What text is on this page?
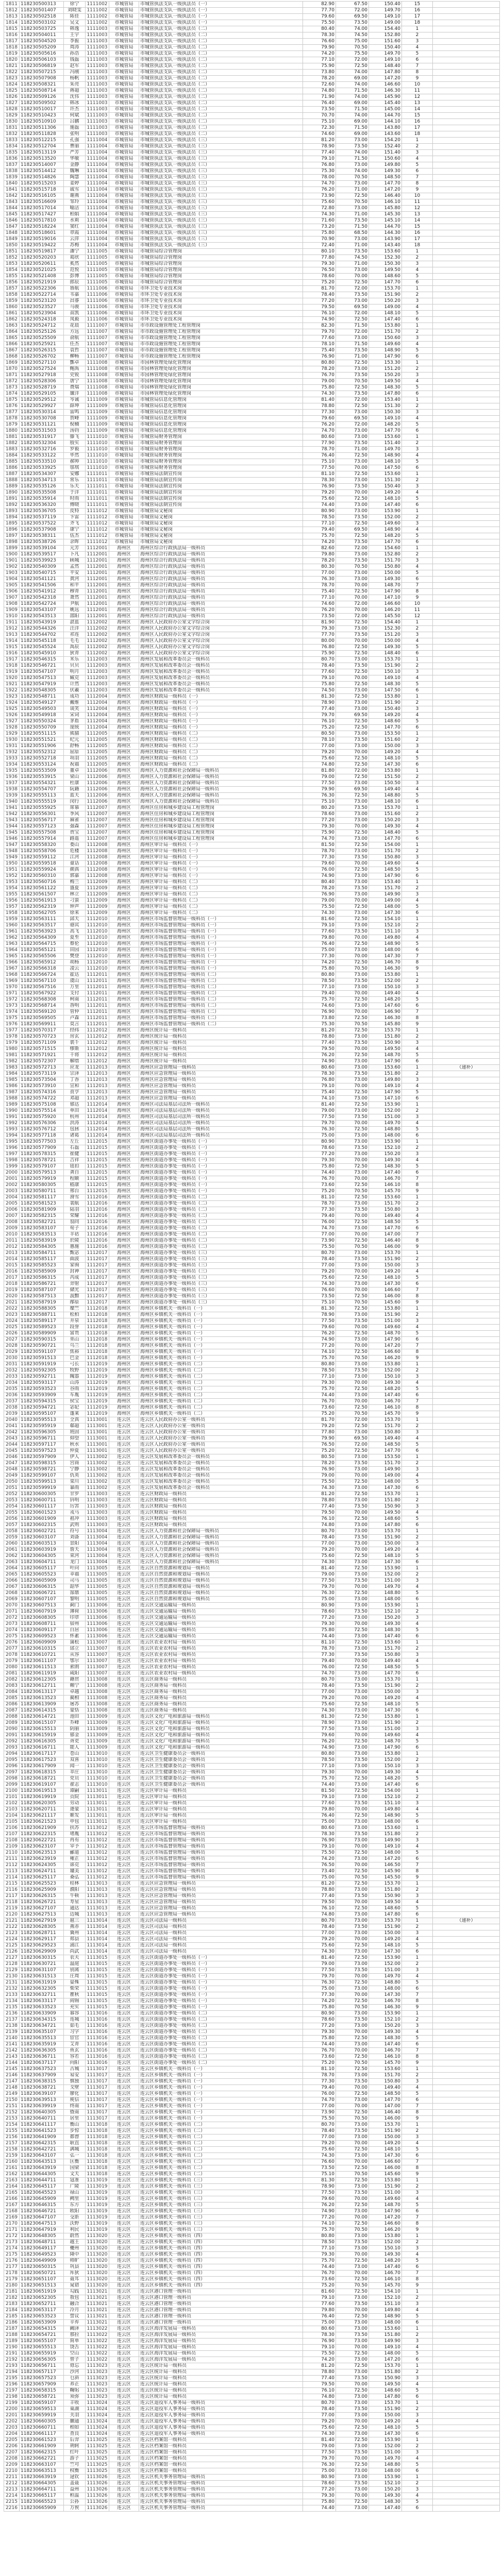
1811	118230500313	徐宁	1111002	市城管局	市城管执法支队一级执法员（一）	82.90	67.50	150.40	15	
1812	118230501407	刘晓雯	1111002	市城管局	市城管执法支队一级执法员（一）	77.70	72.00	149.70	16	
1813	118230502518	陈佳	1111002	市城管局	市城管执法支队一级执法员（一）	79.60	69.50	149.10	17	
1814	118230503102	吴文	1111002	市城管局	市城管执法支队一级执法员（一）	75.50	73.50	149.00	18	
1815	118230503725	韩逸	1111003	市城管局	市城管执法支队一级执法员（二）	80.40	74.00	154.40	1	
1816	118230504011	王宇	1111003	市城管局	市城管执法支队一级执法员（二）	78.30	74.50	152.80	2	
1817	118230504520	李振	1111003	市城管局	市城管执法支队一级执法员（二）	76.60	75.00	151.60	3	
1818	118230505209	周涛	1111003	市城管局	市城管执法支队一级执法员（二）	79.90	70.50	150.40	4	
1819	118230505616	孙浩	1111003	市城管局	市城管执法支队一级执法员（二）	74.20	75.50	149.70	5	
1820	118230506103	钱磊	1111003	市城管局	市城管执法支队一级执法员（二）	77.10	72.00	149.10	6	
1821	118230506819	赵军	1111003	市城管局	市城管执法支队一级执法员（二）	75.90	72.50	148.40	7	
1822	118230507215	冯刚	1111003	市城管局	市城管执法支队一级执法员（二）	73.80	74.00	147.80	8	
1823	118230507908	杨帆	1111003	市城管局	市城管执法支队一级执法员（二）	78.20	69.00	147.20	9	
1824	118230508321	朱亮	1111003	市城管局	市城管执法支队一级执法员（二）	72.60	74.00	146.60	10	
1825	118230508714	蒋超	1111003	市城管局	市城管执法支队一级执法员（二）	74.80	71.50	146.30	11	
1826	118230509126	沈伟	1111003	市城管局	市城管执法支队一级执法员（二）	71.90	74.00	145.90	12	
1827	118230509502	韩冰	1111003	市城管局	市城管执法支队一级执法员（二）	76.40	69.00	145.40	13	
1828	118230510017	许杰	1111003	市城管局	市城管执法支队一级执法员（二）	73.50	71.50	145.00	14	
1829	118230510423	何斌	1111003	市城管局	市城管执法支队一级执法员（二）	70.70	74.00	144.70	15	
1830	118230510910	吕鹏	1111003	市城管局	市城管执法支队一级执法员（二）	75.10	69.00	144.10	16	
1831	118230511306	施磊	1111003	市城管局	市城管执法支队一级执法员（二）	72.30	71.50	143.80	17	
1832	118230511828	张明	1111003	市城管局	市城管执法支队一级执法员（二）	74.60	69.00	143.60	18	
1833	118230512215	孔强	1111004	市城管局	市城管执法支队一级执法员（三）	81.20	73.00	154.20	1	
1834	118230512704	曹丽	1111004	市城管局	市城管执法支队一级执法员（三）	78.90	73.50	152.40	2	
1835	118230513119	严芳	1111004	市城管局	市城管执法支队一级执法员（三）	77.40	74.00	151.40	3	
1836	118230513520	华敏	1111004	市城管局	市城管执法支队一级执法员（三）	79.10	71.50	150.60	4	
1837	118230514007	金静	1111004	市城管局	市城管执法支队一级执法员（三）	76.80	73.00	149.80	5	
1838	118230514412	魏琳	1111004	市城管局	市城管执法支队一级执法员（三）	75.30	74.00	149.30	6	
1839	118230514826	陶慧	1111004	市城管局	市城管执法支队一级执法员（三）	78.00	70.50	148.50	7	
1840	118230515203	姜婷	1111004	市城管局	市城管执法支队一级执法员（三）	74.70	73.00	147.70	8	
1841	118230515718	戚雪	1111004	市城管局	市城管执法支队一级执法员（三）	76.20	71.00	147.20	9	
1842	118230516105	谢燕	1111004	市城管局	市城管执法支队一级执法员（三）	73.90	72.50	146.40	10	
1843	118230516609	邹玲	1111004	市城管局	市城管执法支队一级执法员（三）	75.60	70.50	146.10	11	
1844	118230517014	喻洁	1111004	市城管局	市城管执法支队一级执法员（三）	72.80	73.00	145.80	12	
1845	118230517427	柏娟	1111004	市城管局	市城管执法支队一级执法员（三）	74.30	71.00	145.30	13	
1846	118230517810	水莉	1111004	市城管局	市城管执法支队一级执法员（三）	71.60	73.50	145.10	14	
1847	118230518224	窦红	1111004	市城管局	市城管执法支队一级执法员（三）	73.20	71.50	144.70	15	
1848	118230518601	章霞	1111004	市城管局	市城管执法支队一级执法员（三）	75.80	68.50	144.30	16	
1849	118230519016	云萍	1111004	市城管局	市城管执法支队一级执法员（三）	70.90	73.00	143.90	17	
1850	118230519422	苏梅	1111004	市城管局	市城管执法支队一级执法员（三）	72.40	71.00	143.40	18	
1851	118230519817	潘宁	1111005	市城管局	市城管局综合管理岗	80.10	73.50	153.60	1	
1852	118230520203	葛欣	1111005	市城管局	市城管局综合管理岗	77.80	74.50	152.30	2	
1853	118230520611	奚然	1111005	市城管局	市城管局综合管理岗	79.30	71.00	150.30	3	
1854	118230521025	范悦	1111005	市城管局	市城管局综合管理岗	76.50	73.00	149.50	4	
1855	118230521408	彭博	1111005	市城管局	市城管局综合管理岗	78.60	70.00	148.60	5	
1856	118230521919	郎辰	1111005	市城管局	市城管局综合管理岗	75.20	72.50	147.70	6	
1857	118230522306	鲁航	1111006	市城管局	市环卫处专业技术岗	81.70	72.00	153.70	1	
1858	118230522714	韦嘉	1111006	市城管局	市环卫处专业技术岗	78.40	73.50	151.90	2	
1859	118230523120	昌睿	1111006	市城管局	市环卫处专业技术岗	77.20	73.00	150.20	3	
1860	118230523527	马骏	1111006	市城管局	市环卫处专业技术岗	79.50	69.50	149.00	4	
1861	118230523904	苗凯	1111006	市城管局	市环卫处专业技术岗	76.10	72.00	148.10	5	
1862	118230524318	凤毅	1111006	市城管局	市环卫处专业技术岗	74.90	72.50	147.40	6	
1863	118230524712	花晨	1111007	市城管局	市市政设施管理处工程管理岗	82.30	71.50	153.80	1	
1864	118230525126	方远	1111007	市城管局	市市政设施管理处工程管理岗	79.70	72.00	151.70	2	
1865	118230525509	俞航	1111007	市城管局	市市政设施管理处工程管理岗	77.60	73.00	150.60	3	
1866	118230525921	任杰	1111007	市城管局	市市政设施管理处工程管理岗	78.10	71.50	149.60	4	
1867	118230526315	袁哲	1111007	市城管局	市市政设施管理处工程管理岗	75.40	73.50	148.90	5	
1868	118230526702	柳畅	1111007	市城管局	市市政设施管理处工程管理岗	76.90	71.00	147.90	6	
1869	118230527110	酆卓	1111008	市城管局	市园林管理处绿化管理岗	80.80	72.50	153.30	1	
1870	118230527524	鲍禹	1111008	市城管局	市园林管理处绿化管理岗	78.20	73.00	151.20	2	
1871	118230527918	史锐	1111008	市城管局	市园林管理处绿化管理岗	76.70	73.50	150.20	3	
1872	118230528306	唐宁	1111008	市城管局	市园林管理处绿化管理岗	79.00	70.50	149.50	4	
1873	118230528719	费瑞	1111008	市城管局	市园林管理处绿化管理岗	75.80	72.50	148.30	5	
1874	118230529105	廉洋	1111008	市城管局	市园林管理处绿化管理岗	74.30	73.50	147.80	6	
1875	118230529512	岑诚	1111009	市城管局	市城管局信息化管理岗	81.40	72.00	153.40	1	
1876	118230529927	薛坤	1111009	市城管局	市城管局信息化管理岗	78.80	72.50	151.30	2	
1877	118230530314	雷鸣	1111009	市城管局	市城管局信息化管理岗	77.30	73.00	150.30	3	
1878	118230530708	贺峰	1111009	市城管局	市城管局信息化管理岗	79.60	69.50	149.10	4	
1879	118230531121	倪楠	1111009	市城管局	市城管局信息化管理岗	76.20	72.00	148.20	5	
1880	118230531503	汤钧	1111009	市城管局	市城管局信息化管理岗	74.70	73.00	147.70	6	
1881	118230531917	滕飞	1111010	市城管局	市城管局财务管理岗	80.60	73.00	153.60	1	
1882	118230532304	殷实	1111010	市城管局	市城管局财务管理岗	77.90	73.50	151.40	2	
1883	118230532716	罗毅	1111010	市城管局	市城管局财务管理岗	78.70	71.00	149.70	3	
1884	118230533122	毕然	1111010	市城管局	市城管局财务管理岗	76.40	72.50	148.90	4	
1885	118230533510	郝帅	1111010	市城管局	市城管局财务管理岗	75.10	73.00	148.10	5	
1886	118230533925	邬琪	1111010	市城管局	市城管局财务管理岗	77.50	70.00	147.50	6	
1887	118230534307	安娜	1111011	市城管局	市城管局法制宣传岗	81.10	72.50	153.60	1	
1888	118230534713	常乐	1111011	市城管局	市城管局法制宣传岗	78.30	73.00	151.30	2	
1889	118230535126	乐天	1111011	市城管局	市城管局法制宣传岗	76.90	73.50	150.40	3	
1890	118230535508	于洋	1111011	市城管局	市城管局法制宣传岗	79.20	70.00	149.20	4	
1891	118230535914	时雨	1111011	市城管局	市城管局法制宣传岗	75.60	72.50	148.10	5	
1892	118230536320	傅晓	1111011	市城管局	市城管局法制宣传岗	74.40	73.00	147.40	6	
1893	118230536705	皮特	1111012	市城管局	市城管局文秘岗	80.90	73.00	153.90	1	
1894	118230537119	卞雷	1111012	市城管局	市城管局文秘岗	78.50	73.50	152.00	2	
1895	118230537522	齐飞	1111012	市城管局	市城管局文秘岗	77.10	72.50	149.60	3	
1896	118230537908	康宁	1111012	市城管局	市城管局文秘岗	79.40	69.50	148.90	4	
1897	118230538311	伍杰	1111012	市城管局	市城管局文秘岗	75.70	72.50	148.20	5	
1898	118230538726	余晖	1111012	市城管局	市城管局文秘岗	74.20	73.50	147.70	6	
1899	118230539104	元芳	1112001	海州区	海州区综合行政执法局一级科员	82.60	72.00	154.60	1	
1900	118230539517	卜凡	1112001	海州区	海州区综合行政执法局一级科员	79.80	73.00	152.80	2	
1901	118230539923	顾城	1112001	海州区	海州区综合行政执法局一级科员	78.20	73.50	151.70	3	
1902	118230540309	孟然	1112001	海州区	海州区综合行政执法局一级科员	80.30	70.50	150.80	4	
1903	118230540715	平安	1112001	海州区	海州区综合行政执法局一级科员	77.00	73.00	150.00	5	
1904	118230541121	黄河	1112001	海州区	海州区综合行政执法局一级科员	76.30	73.00	149.30	6	
1905	118230541506	和平	1112001	海州区	海州区综合行政执法局一级科员	78.70	70.00	148.70	7	
1906	118230541912	穆青	1112001	海州区	海州区综合行政执法局一级科员	75.40	72.50	147.90	8	
1907	118230542318	萧然	1112001	海州区	海州区综合行政执法局一级科员	77.10	70.00	147.10	9	
1908	118230542724	尹航	1112001	海州区	海州区综合行政执法局一级科员	74.60	72.00	146.60	10	
1909	118230543107	姚远	1112001	海州区	海州区综合行政执法局一级科员	76.20	70.00	146.20	11	
1910	118230543513	邵阳	1112001	海州区	海州区综合行政执法局一级科员	73.50	72.00	145.50	12	
1911	118230543919	湛蓝	1112002	海州区	海州区人民政府办公室文字综合岗	81.90	72.50	154.40	1	
1912	118230544326	汪洋	1112002	海州区	海州区人民政府办公室文字综合岗	79.30	73.00	152.30	2	
1913	118230544702	祁连	1112002	海州区	海州区人民政府办公室文字综合岗	77.70	73.50	151.20	3	
1914	118230545118	毛毛	1112002	海州区	海州区人民政府办公室文字综合岗	80.00	70.00	150.00	4	
1915	118230545524	禹辰	1112002	海州区	海州区人民政府办公室文字综合岗	76.80	72.50	149.30	5	
1916	118230545910	狄青	1112002	海州区	海州区人民政府办公室文字综合岗	75.90	72.50	148.40	6	
1917	118230546315	米乐	1112003	海州区	海州区发展和改革委员会一级科员	80.70	73.00	153.70	1	
1918	118230546721	贝贝	1112003	海州区	海州区发展和改革委员会一级科员	78.40	73.50	151.90	2	
1919	118230547107	明月	1112003	海州区	海州区发展和改革委员会一级科员	77.60	72.50	150.10	3	
1920	118230547513	臧克	1112003	海州区	海州区发展和改革委员会一级科员	79.10	70.00	149.10	4	
1921	118230547919	计然	1112003	海州区	海州区发展和改革委员会一级科员	75.80	72.50	148.30	5	
1922	118230548305	伏羲	1112003	海州区	海州区发展和改革委员会一级科员	74.50	73.00	147.50	6	
1923	118230548711	成功	1112004	海州区	海州区财政局一级科员（一）	81.30	72.50	153.80	1	
1924	118230549127	戴维	1112004	海州区	海州区财政局一级科员（一）	78.90	73.00	151.90	2	
1925	118230549503	谈笑	1112004	海州区	海州区财政局一级科员（一）	77.40	73.00	150.40	3	
1926	118230549918	宋词	1112004	海州区	海州区财政局一级科员（一）	79.70	69.50	149.20	4	
1927	118230550324	茅盾	1112004	海州区	海州区财政局一级科员（一）	76.10	72.50	148.60	5	
1928	118230550709	庞统	1112004	海州区	海州区财政局一级科员（一）	75.20	72.50	147.70	6	
1929	118230551115	熊猫	1112005	海州区	海州区财政局一级科员（二）	80.50	73.00	153.50	1	
1930	118230551521	纪元	1112005	海州区	海州区财政局一级科员（二）	78.10	73.50	151.60	2	
1931	118230551906	舒畅	1112005	海州区	海州区财政局一级科员（二）	77.00	73.00	150.00	3	
1932	118230552312	屈原	1112005	海州区	海州区财政局一级科员（二）	79.20	70.00	149.20	4	
1933	118230552718	项羽	1112005	海州区	海州区财政局一级科员（二）	75.60	72.50	148.10	5	
1934	118230553124	祝福	1112005	海州区	海州区财政局一级科员（二）	74.80	72.50	147.30	6	
1935	118230553509	董卓	1112006	海州区	海州区人力资源和社会保障局一级科员	81.80	72.00	153.80	1	
1936	118230553915	梁山	1112006	海州区	海州区人力资源和社会保障局一级科员	79.00	72.50	151.50	2	
1937	118230554321	杜康	1112006	海州区	海州区人力资源和社会保障局一级科员	77.50	73.00	150.50	3	
1938	118230554707	阮籍	1112006	海州区	海州区人力资源和社会保障局一级科员	79.90	69.50	149.40	4	
1939	118230555113	蓝天	1112006	海州区	海州区人力资源和社会保障局一级科员	76.30	72.50	148.80	5	
1940	118230555519	闵行	1112006	海州区	海州区人力资源和社会保障局一级科员	75.10	73.00	148.10	6	
1941	118230555925	席慕	1112007	海州区	海州区住房和城乡建设局工程管理岗	80.20	73.50	153.70	1	
1942	118230556301	季风	1112007	海州区	海州区住房和城乡建设局工程管理岗	78.60	73.00	151.60	2	
1943	118230556717	麻雀	1112007	海州区	海州区住房和城乡建设局工程管理岗	77.20	73.00	150.20	3	
1944	118230557123	强森	1112007	海州区	海州区住房和城乡建设局工程管理岗	79.30	70.00	149.30	4	
1945	118230557508	贾宝	1112007	海州区	海州区住房和城乡建设局工程管理岗	75.90	72.50	148.40	5	
1946	118230557914	路遥	1112007	海州区	海州区住房和城乡建设局工程管理岗	74.70	73.00	147.70	6	
1947	118230558320	娄山	1112008	海州区	海州区审计局一级科员（一）	81.50	72.50	154.00	1	
1948	118230558706	危楼	1112008	海州区	海州区审计局一级科员（一）	78.70	73.00	151.70	2	
1949	118230559112	江河	1112008	海州区	海州区审计局一级科员（一）	77.30	73.50	150.80	3	
1950	118230559518	童话	1112008	海州区	海州区审计局一级科员（一）	79.60	70.00	149.60	4	
1951	118230559924	颜真	1112008	海州区	海州区审计局一级科员（一）	76.00	72.50	148.50	5	
1952	118230560310	郭嘉	1112008	海州区	海州区审计局一级科员（一）	74.90	73.00	147.90	6	
1953	118230560716	梅兰	1112009	海州区	海州区审计局一级科员（二）	80.40	73.00	153.40	1	
1954	118230561122	盛夏	1112009	海州区	海州区审计局一级科员（二）	78.20	73.50	151.70	2	
1955	118230561507	林立	1112009	海州区	海州区审计局一级科员（二）	76.90	73.00	149.90	3	
1956	118230561913	刁蛮	1112009	海州区	海州区审计局一级科员（二）	79.00	70.00	149.00	4	
1957	118230562319	钟声	1112009	海州区	海州区审计局一级科员（二）	75.50	72.50	148.00	5	
1958	118230562705	徐来	1112009	海州区	海州区审计局一级科员（二）	74.30	73.00	147.30	6	
1959	118230563111	邱天	1112010	海州区	海州区市场监督管理局一级科员（一）	81.60	72.50	154.10	1	
1960	118230563517	骆宾	1112010	海州区	海州区市场监督管理局一级科员（一）	79.10	73.00	152.10	2	
1961	118230563923	高飞	1112010	海州区	海州区市场监督管理局一级科员（一）	77.60	73.50	151.10	3	
1962	118230564309	夏至	1112010	海州区	海州区市场监督管理局一级科员（一）	79.80	70.00	149.80	4	
1963	118230564715	蔡伦	1112010	海州区	海州区市场监督管理局一级科员（一）	76.40	72.50	148.90	5	
1964	118230565121	田园	1112010	海州区	海州区市场监督管理局一级科员（一）	75.00	73.00	148.00	6	
1965	118230565506	樊登	1112010	海州区	海州区市场监督管理局一级科员（一）	77.30	70.00	147.30	7	
1966	118230565912	胡杨	1112010	海州区	海州区市场监督管理局一级科员（一）	74.20	72.50	146.70	8	
1967	118230566318	凌云	1112010	海州区	海州区市场监督管理局一级科员（一）	75.80	70.50	146.30	9	
1968	118230566724	霍达	1112011	海州区	海州区市场监督管理局一级科员（二）	80.80	73.00	153.80	1	
1969	118230567110	虞山	1112011	海州区	海州区市场监督管理局一级科员（二）	78.50	73.50	152.00	2	
1970	118230567516	万里	1112011	海州区	海州区市场监督管理局一级科员（二）	77.10	73.00	150.10	3	
1971	118230567922	支付	1112011	海州区	海州区市场监督管理局一级科员（二）	79.40	70.00	149.40	4	
1972	118230568308	柯南	1112011	海州区	海州区市场监督管理局一级科员（二）	75.70	72.50	148.20	5	
1973	118230568714	昝明	1112011	海州区	海州区市场监督管理局一级科员（二）	74.60	73.00	147.60	6	
1974	118230569120	管仲	1112011	海州区	海州区市场监督管理局一级科员（二）	76.90	70.00	146.90	7	
1975	118230569505	卢森	1112011	海州区	海州区市场监督管理局一级科员（二）	73.80	72.50	146.30	8	
1976	118230569911	莫言	1112011	海州区	海州区市场监督管理局一级科员（二）	75.30	70.50	145.80	9	
1977	118230570317	经纬	1112012	海州区	海州区统计局一级科员	81.20	72.50	153.70	1	
1978	118230570723	房玄	1112012	海州区	海州区统计局一级科员	78.80	73.00	151.80	2	
1979	118230571109	裘千	1112012	海州区	海州区统计局一级科员	77.40	73.50	150.90	3	
1980	118230571515	缪斯	1112012	海州区	海州区统计局一级科员	79.50	70.00	149.50	4	
1981	118230571921	干将	1112012	海州区	海州区统计局一级科员	76.20	72.50	148.70	5	
1982	118230572307	解缙	1112012	海州区	海州区统计局一级科员	74.90	73.00	147.90	6	
1983	118230572713	应龙	1112013	海州区	海州区应急管理局一级科员	80.60	73.00	153.60	1	（递补）
1984	118230573119	宗泽	1112013	海州区	海州区应急管理局一级科员	78.30	73.50	151.80	2	
1985	118230573504	丁香	1112013	海州区	海州区应急管理局一级科员	76.80	73.00	149.80	3	
1986	118230573910	宣和	1112013	海州区	海州区应急管理局一级科员	79.10	70.00	149.10	4	
1987	118230574316	贲亨	1112013	海州区	海州区应急管理局一级科员	75.40	72.50	147.90	5	
1988	118230574722	邓超	1112013	海州区	海州区应急管理局一级科员	74.10	73.00	147.10	6	
1989	118230575108	郁达	1112014	海州区	海州区司法局基层司法所一级科员	81.40	72.50	153.90	1	
1990	118230575514	单田	1112014	海州区	海州区司法局基层司法所一级科员	79.00	73.00	152.00	2	
1991	118230575920	杭州	1112014	海州区	海州区司法局基层司法所一级科员	77.50	73.50	151.00	3	
1992	118230576306	洪涛	1112014	海州区	海州区司法局基层司法所一级科员	79.70	70.00	149.70	4	
1993	118230576712	包拯	1112014	海州区	海州区司法局基层司法所一级科员	76.30	72.50	148.80	5	
1994	118230577118	诸葛	1112014	海州区	海州区司法局基层司法所一级科员	75.00	73.00	148.00	6	
1995	118230577503	左丘	1112015	海州区	海州区街道办事处一级科员（一）	80.90	73.00	153.90	1	
1996	118230577909	石磊	1112015	海州区	海州区街道办事处一级科员（一）	78.60	73.50	152.10	2	
1997	118230578315	崔健	1112015	海州区	海州区街道办事处一级科员（一）	77.20	73.00	150.20	3	
1998	118230578721	吉祥	1112015	海州区	海州区街道办事处一级科员（一）	79.30	70.00	149.30	4	
1999	118230579107	钮扣	1112015	海州区	海州区街道办事处一级科员（一）	75.80	72.50	148.30	5	
2000	118230579513	龚自	1112015	海州区	海州区街道办事处一级科员（一）	74.40	73.00	147.40	6	
2001	118230579919	程颐	1112015	海州区	海州区街道办事处一级科员（一）	76.70	70.00	146.70	7	
2002	118230580305	嵇康	1112015	海州区	海州区街道办事处一级科员（一）	73.60	72.50	146.10	8	
2003	118230580711	邢台	1112015	海州区	海州区街道办事处一级科员（一）	75.20	70.50	145.70	9	
2004	118230581117	滑雪	1112016	海州区	海州区街道办事处一级科员（二）	81.10	72.50	153.60	1	
2005	118230581523	裴航	1112016	海州区	海州区街道办事处一级科员（二）	78.70	73.00	151.70	2	
2006	118230581909	陆羽	1112016	海州区	海州区街道办事处一级科员（二）	77.30	73.50	150.80	3	
2007	118230582315	荣耀	1112016	海州区	海州区街道办事处一级科员（二）	79.40	70.00	149.40	4	
2008	118230582721	翁同	1112016	海州区	海州区街道办事处一级科员（二）	76.00	72.50	148.50	5	
2009	118230583107	荀子	1112016	海州区	海州区街道办事处一级科员（二）	74.70	73.00	147.70	6	
2010	118230583513	羊祜	1112016	海州区	海州区街道办事处一级科员（二）	77.00	70.00	147.00	7	
2011	118230583919	於陵	1112016	海州区	海州区街道办事处一级科员（二）	73.90	72.50	146.40	8	
2012	118230584305	惠施	1112016	海州区	海州区街道办事处一级科员（二）	75.50	70.50	146.00	9	
2013	118230584711	甄宓	1112017	海州区	海州区街道办事处一级科员（三）	80.70	73.00	153.70	1	
2014	118230585117	曲波	1112017	海州区	海州区街道办事处一级科员（三）	78.40	73.50	151.90	2	
2015	118230585523	家驹	1112017	海州区	海州区街道办事处一级科员（三）	77.00	73.00	150.00	3	
2016	118230585909	封神	1112017	海州区	海州区街道办事处一级科员（三）	79.20	70.00	149.20	4	
2017	118230586315	芮成	1112017	海州区	海州区街道办事处一级科员（三）	75.60	72.50	148.10	5	
2018	118230586721	羿射	1112017	海州区	海州区街道办事处一级科员（三）	74.30	73.00	147.30	6	
2019	118230587107	储光	1112017	海州区	海州区街道办事处一级科员（三）	76.60	70.00	146.60	7	
2020	118230587513	汲黯	1112017	海州区	海州区街道办事处一级科员（三）	73.50	72.50	146.00	8	
2021	118230587919	邴原	1112017	海州区	海州区街道办事处一级科员（三）	75.10	70.50	145.60	9	
2022	118230588305	糜竺	1112018	海州区	海州区乡镇机关一级科员（一）	81.30	72.50	153.80	1	
2023	118230588711	松柏	1112018	海州区	海州区乡镇机关一级科员（一）	78.90	73.00	151.90	2	
2024	118230589117	井泉	1112018	海州区	海州区乡镇机关一级科员（一）	77.50	73.50	151.00	3	
2025	118230589523	段誉	1112018	海州区	海州区乡镇机关一级科员（一）	79.60	70.00	149.60	4	
2026	118230589909	富贵	1112018	海州区	海州区乡镇机关一级科员（一）	76.20	72.50	148.70	5	
2027	118230590315	巫山	1112018	海州区	海州区乡镇机关一级科员（一）	74.90	73.00	147.90	6	
2028	118230590721	乌兰	1112018	海州区	海州区乡镇机关一级科员（一）	77.20	70.00	147.20	7	
2029	118230591107	焦裕	1112018	海州区	海州区乡镇机关一级科员（一）	74.10	72.50	146.60	8	
2030	118230591513	巴金	1112018	海州区	海州区乡镇机关一级科员（一）	75.70	70.50	146.20	9	
2031	118230591919	弓长	1112019	海州区	海州区乡镇机关一级科员（二）	80.80	73.00	153.80	1	
2032	118230592305	牧野	1112019	海州区	海州区乡镇机关一级科员（二）	78.50	73.50	152.00	2	
2033	118230592711	隗嚣	1112019	海州区	海州区乡镇机关一级科员（二）	77.10	73.00	150.10	3	
2034	118230593117	山涛	1112019	海州区	海州区乡镇机关一级科员（二）	79.30	70.00	149.30	4	
2035	118230593523	谷雨	1112019	海州区	海州区乡镇机关一级科员（二）	75.70	72.50	148.20	5	
2036	118230593909	车胤	1112019	海州区	海州区乡镇机关一级科员（二）	74.40	73.00	147.40	6	
2037	118230594315	侯宝	1112019	海州区	海州区乡镇机关一级科员（二）	76.70	70.00	146.70	7	
2038	118230594721	宓妃	1112019	海州区	海州区乡镇机关一级科员（二）	73.60	72.50	146.10	8	
2039	118230595107	蓬莱	1112019	海州区	海州区乡镇机关一级科员（二）	75.20	70.50	145.70	9	
2040	118230595513	全真	1113001	连云区	连云区人民政府办公室一级科员	81.70	72.00	153.70	1	
2041	118230595919	郗超	1113001	连云区	连云区人民政府办公室一级科员	79.20	72.50	151.70	2	
2042	118230596305	班固	1113001	连云区	连云区人民政府办公室一级科员	77.80	73.00	150.80	3	
2043	118230596711	仰望	1113001	连云区	连云区人民政府办公室一级科员	79.90	69.50	149.40	4	
2044	118230597117	秋水	1113001	连云区	连云区人民政府办公室一级科员	76.50	72.00	148.50	5	
2045	118230597523	仲夏	1113001	连云区	连云区人民政府办公室一级科员	75.20	72.50	147.70	6	
2046	118230597909	伊人	1113002	连云区	连云区发展和改革委员会一级科员	80.50	73.00	153.50	1	
2047	118230598315	宫商	1113002	连云区	连云区发展和改革委员会一级科员	78.20	73.50	151.70	2	
2048	118230598721	宁静	1113002	连云区	连云区发展和改革委员会一级科员	76.90	73.00	149.90	3	
2049	118230599107	仇英	1113002	连云区	连云区发展和改革委员会一级科员	79.00	70.00	149.00	4	
2050	118230599513	栾川	1113002	连云区	连云区发展和改革委员会一级科员	75.50	72.50	148.00	5	
2051	118230599919	暴雨	1113002	连云区	连云区发展和改革委员会一级科员	74.30	73.00	147.30	6	
2052	118230600305	甘罗	1113003	连云区	连云区财政局一级科员	81.20	72.50	153.70	1	
2053	118230600711	钭明	1113003	连云区	连云区财政局一级科员	78.80	73.00	151.80	2	
2054	118230601117	厉害	1113003	连云区	连云区财政局一级科员	77.40	73.50	150.90	3	
2055	118230601523	戎马	1113003	连云区	连云区财政局一级科员	79.50	70.00	149.50	4	
2056	118230601909	祖冲	1113003	连云区	连云区财政局一级科员	76.10	72.50	148.60	5	
2057	118230602315	武则	1113003	连云区	连云区财政局一级科员	74.80	73.00	147.80	6	
2058	118230602721	符号	1113004	连云区	连云区人力资源和社会保障局一级科员	80.70	73.00	153.70	1	
2059	118230603107	刘备	1113004	连云区	连云区人力资源和社会保障局一级科员	78.40	73.50	151.90	2	
2060	118230603513	景阳	1113004	连云区	连云区人力资源和社会保障局一级科员	77.00	73.00	150.00	3	
2061	118230603919	詹天	1113004	连云区	连云区人力资源和社会保障局一级科员	79.20	70.00	149.20	4	
2062	118230604305	束河	1113004	连云区	连云区人力资源和社会保障局一级科员	75.60	72.50	148.10	5	
2063	118230604711	龙门	1113004	连云区	连云区人力资源和社会保障局一级科员	74.30	73.00	147.30	6	
2064	118230605117	叶问	1113005	连云区	连云区自然资源和规划局一级科员	81.40	72.50	153.90	1	
2065	118230605523	幸福	1113005	连云区	连云区自然资源和规划局一级科员	79.00	73.00	152.00	2	
2066	118230605909	司马	1113005	连云区	连云区自然资源和规划局一级科员	77.50	73.50	151.00	3	
2067	118230606315	韶华	1113005	连云区	连云区自然资源和规划局一级科员	79.70	70.00	149.70	4	
2068	118230606721	郜鼎	1113005	连云区	连云区自然资源和规划局一级科员	76.30	72.50	148.80	5	
2069	118230607107	黎明	1113005	连云区	连云区自然资源和规划局一级科员	75.00	73.00	148.00	6	
2070	118230607513	蓟门	1113006	连云区	连云区交通运输局一级科员	80.90	73.00	153.90	1	
2071	118230607919	薄荷	1113006	连云区	连云区交通运输局一级科员	78.60	73.50	152.10	2	
2072	118230608305	印章	1113006	连云区	连云区交通运输局一级科员	77.20	73.00	150.20	3	
2073	118230608711	宿州	1113006	连云区	连云区交通运输局一级科员	79.30	70.00	149.30	4	
2074	118230609117	白居	1113006	连云区	连云区交通运输局一级科员	75.80	72.50	148.30	5	
2075	118230609523	怀素	1113006	连云区	连云区交通运输局一级科员	74.40	73.00	147.40	6	
2076	118230609909	蒲松	1113007	连云区	连云区农业农村局一级科员	81.10	72.50	153.60	1	
2077	118230610315	邰立	1113007	连云区	连云区农业农村局一级科员	78.70	73.00	151.70	2	
2078	118230610721	从容	1113007	连云区	连云区农业农村局一级科员	77.30	73.50	150.80	3	
2079	118230611107	鄂尔	1113007	连云区	连云区农业农村局一级科员	79.40	70.00	149.40	4	
2080	118230611513	索朗	1113007	连云区	连云区农业农村局一级科员	76.00	72.50	148.50	5	
2081	118230611919	咸阳	1113007	连云区	连云区农业农村局一级科员	74.70	73.00	147.70	6	
2082	118230612305	籍贯	1113008	连云区	连云区商务局一级科员	80.70	73.00	153.70	1	
2083	118230612711	赖宁	1113008	连云区	连云区商务局一级科员	78.40	73.50	151.90	2	
2084	118230613117	卓越	1113008	连云区	连云区商务局一级科员	77.00	73.00	150.00	3	
2085	118230613523	蔺相	1113008	连云区	连云区商务局一级科员	79.20	70.00	149.20	4	
2086	118230613909	屠苏	1113008	连云区	连云区商务局一级科员	75.60	72.50	148.10	5	
2087	118230614315	蒙恬	1113008	连云区	连云区商务局一级科员	74.30	73.00	147.30	6	
2088	118230614721	池田	1113009	连云区	连云区文化广电和旅游局一级科员	81.30	72.50	153.80	1	
2089	118230615107	乔峰	1113009	连云区	连云区文化广电和旅游局一级科员	78.90	73.00	151.90	2	
2090	118230615513	阴丽	1113009	连云区	连云区文化广电和旅游局一级科员	77.50	73.50	151.00	3	
2091	118230615919	郁金	1113009	连云区	连云区文化广电和旅游局一级科员	79.60	70.00	149.60	4	
2092	118230616305	胥吏	1113009	连云区	连云区文化广电和旅游局一级科员	76.20	72.50	148.70	5	
2093	118230616711	能人	1113009	连云区	连云区文化广电和旅游局一级科员	74.90	73.00	147.90	6	
2094	118230617117	苍山	1113010	连云区	连云区卫生健康委员会一级科员	80.80	73.00	153.80	1	
2095	118230617523	双喜	1113010	连云区	连云区卫生健康委员会一级科员	78.50	73.50	152.00	2	
2096	118230617909	闻一	1113010	连云区	连云区卫生健康委员会一级科员	77.10	73.00	150.10	3	
2097	118230618315	莘庄	1113010	连云区	连云区卫生健康委员会一级科员	79.30	70.00	149.30	4	
2098	118230618721	党员	1113010	连云区	连云区卫生健康委员会一级科员	75.70	72.50	148.20	5	
2099	118230619107	翟志	1113010	连云区	连云区卫生健康委员会一级科员	74.40	73.00	147.40	6	
2100	118230619513	谭嗣	1113011	连云区	连云区审计局一级科员	81.50	72.50	154.00	1	
2101	118230619919	贡院	1113011	连云区	连云区审计局一级科员	79.10	73.00	152.10	2	
2102	118230620305	劳动	1113011	连云区	连云区审计局一级科员	77.60	73.50	151.10	3	
2103	118230620711	逄蒙	1113011	连云区	连云区审计局一级科员	79.80	70.00	149.80	4	
2104	118230621117	姬发	1113011	连云区	连云区审计局一级科员	76.40	72.50	148.90	5	
2105	118230621523	申包	1113011	连云区	连云区审计局一级科员	75.00	73.00	148.00	6	
2106	118230621909	扶苏	1113012	连云区	连云区市场监督管理局一级科员	80.60	73.00	153.60	1	
2107	118230622315	堵胤	1113012	连云区	连云区市场监督管理局一级科员	78.30	73.50	151.80	2	
2108	118230622721	冉有	1113012	连云区	连云区市场监督管理局一级科员	76.90	73.00	149.90	3	
2109	118230623107	宰予	1113012	连云区	连云区市场监督管理局一级科员	79.10	70.00	149.10	4	
2110	118230623513	郦道	1113012	连云区	连云区市场监督管理局一级科员	75.50	72.50	148.00	5	
2111	118230623919	雍正	1113012	连云区	连云区市场监督管理局一级科员	74.20	73.00	147.20	6	
2112	118230624305	郤克	1113012	连云区	连云区市场监督管理局一级科员	76.50	70.00	146.50	7	
2113	118230624711	璩美	1113012	连云区	连云区市场监督管理局一级科员	73.40	72.50	145.90	8	
2114	118230625117	桑弘	1113012	连云区	连云区市场监督管理局一级科员	75.00	70.50	145.50	9	
2115	118230625523	桂林	1113013	连云区	连云区应急管理局一级科员	81.20	72.50	153.70	1	
2116	118230625909	濮阳	1113013	连云区	连云区应急管理局一级科员	78.80	73.00	151.80	2	
2117	118230626315	牛顿	1113013	连云区	连云区应急管理局一级科员	77.40	73.50	150.90	3	
2118	118230626721	寿星	1113013	连云区	连云区应急管理局一级科员	79.50	70.00	149.50	4	
2119	118230627107	通达	1113013	连云区	连云区应急管理局一级科员	76.10	72.50	148.60	5	
2120	118230627513	边城	1113013	连云区	连云区应急管理局一级科员	74.80	73.00	147.80	6	
2121	118230627919	扈三	1113014	连云区	连云区司法局一级科员	80.70	73.00	153.70	1	（递补）
2122	118230628305	燕赤	1113014	连云区	连云区司法局一级科员	78.40	73.50	151.90	2	
2123	118230628711	冀州	1113014	连云区	连云区司法局一级科员	77.00	73.00	150.00	3	
2124	118230629117	郏县	1113014	连云区	连云区司法局一级科员	79.20	70.00	149.20	4	
2125	118230629523	浦江	1113014	连云区	连云区司法局一级科员	75.60	72.50	148.10	5	
2126	118230629909	尚武	1113014	连云区	连云区司法局一级科员	74.30	73.00	147.30	6	
2127	118230630315	农夫	1113015	连云区	连云区街道办事处一级科员（一）	81.40	72.50	153.90	1	
2128	118230630721	温庭	1113015	连云区	连云区街道办事处一级科员（一）	79.00	73.00	152.00	2	
2129	118230631107	别离	1113015	连云区	连云区街道办事处一级科员（一）	77.50	73.50	151.00	3	
2130	118230631513	庄周	1113015	连云区	连云区街道办事处一级科员（一）	79.70	70.00	149.70	4	
2131	118230631919	晏殊	1113015	连云区	连云区街道办事处一级科员（一）	76.30	72.50	148.80	5	
2132	118230632305	柴荣	1113015	连云区	连云区街道办事处一级科员（一）	75.00	73.00	148.00	6	
2133	118230632711	瞿秋	1113015	连云区	连云区街道办事处一级科员（一）	77.30	70.00	147.30	7	
2134	118230633117	阎锡	1113015	连云区	连云区街道办事处一级科员（一）	74.20	72.50	146.70	8	
2135	118230633523	充实	1113015	连云区	连云区街道办事处一级科员（一）	75.80	70.50	146.30	9	
2136	118230633909	慕容	1113016	连云区	连云区街道办事处一级科员（二）	80.90	73.00	153.90	1	
2137	118230634315	连城	1113016	连云区	连云区街道办事处一级科员（二）	78.60	73.50	152.10	2	
2138	118230634721	茹毛	1113016	连云区	连云区街道办事处一级科员（二）	77.20	73.00	150.20	3	
2139	118230635107	习字	1113016	连云区	连云区街道办事处一级科员（二）	79.30	70.00	149.30	4	
2140	118230635513	宦官	1113016	连云区	连云区街道办事处一级科员（二）	75.80	72.50	148.30	5	
2141	118230635919	艾青	1113016	连云区	连云区街道办事处一级科员（二）	74.40	73.00	147.40	6	
2142	118230636305	鱼玄	1113016	连云区	连云区街道办事处一级科员（二）	76.70	70.00	146.70	7	
2143	118230636711	容若	1113016	连云区	连云区街道办事处一级科员（二）	73.60	72.50	146.10	8	
2144	118230637117	向阳	1113016	连云区	连云区街道办事处一级科员（二）	75.20	70.50	145.70	9	
2145	118230637523	古城	1113017	连云区	连云区乡镇机关一级科员（一）	81.10	72.50	153.60	1	
2146	118230637909	易安	1113017	连云区	连云区乡镇机关一级科员（一）	78.70	73.00	151.70	2	
2147	118230638315	慎独	1113017	连云区	连云区乡镇机关一级科员（一）	77.30	73.50	150.80	3	
2148	118230638721	戈壁	1113017	连云区	连云区乡镇机关一级科员（一）	79.40	70.00	149.40	4	
2149	118230639107	廖化	1113017	连云区	连云区乡镇机关一级科员（一）	76.00	72.50	148.50	5	
2150	118230639513	庾信	1113017	连云区	连云区乡镇机关一级科员（一）	74.70	73.00	147.70	6	
2151	118230639919	终南	1113017	连云区	连云区乡镇机关一级科员（一）	77.00	70.00	147.00	7	
2152	118230640305	暨南	1113017	连云区	连云区乡镇机关一级科员（一）	73.90	72.50	146.40	8	
2153	118230640711	居里	1113017	连云区	连云区乡镇机关一级科员（一）	75.50	70.50	146.00	9	
2154	118230641117	衡山	1113018	连云区	连云区乡镇机关一级科员（二）	80.70	73.00	153.70	1	
2155	118230641523	步惊	1113018	连云区	连云区乡镇机关一级科员（二）	78.40	73.50	151.90	2	
2156	118230641909	都督	1113018	连云区	连云区乡镇机关一级科员（二）	77.00	73.00	150.00	3	
2157	118230642315	耿直	1113018	连云区	连云区乡镇机关一级科员（二）	79.20	70.00	149.20	4	
2158	118230642721	满城	1113018	连云区	连云区乡镇机关一级科员（二）	75.60	72.50	148.10	5	
2159	118230643107	弘一	1113018	连云区	连云区乡镇机关一级科员（二）	74.30	73.00	147.30	6	
2160	118230643513	匡衡	1113018	连云区	连云区乡镇机关一级科员（二）	76.60	70.00	146.60	7	
2161	118230643919	国梁	1113018	连云区	连云区乡镇机关一级科员（二）	73.50	72.50	146.00	8	
2162	118230644305	文天	1113018	连云区	连云区乡镇机关一级科员（二）	75.10	70.50	145.60	9	
2163	118230644711	寇准	1113019	连云区	连云区乡镇机关一级科员（三）	81.30	72.50	153.80	1	
2164	118230645117	广陵	1113019	连云区	连云区乡镇机关一级科员（三）	78.90	73.00	151.90	2	
2165	118230645523	禄山	1113019	连云区	连云区乡镇机关一级科员（三）	77.50	73.50	151.00	3	
2166	118230645909	阙里	1113019	连云区	连云区乡镇机关一级科员（三）	79.60	70.00	149.60	4	
2167	118230646315	东方	1113019	连云区	连云区乡镇机关一级科员（三）	76.20	72.50	148.70	5	
2168	118230646721	欧阳	1113019	连云区	连云区乡镇机关一级科员（三）	74.90	73.00	147.90	6	
2169	118230647107	殳斨	1113019	连云区	连云区乡镇机关一级科员（三）	77.20	70.00	147.20	7	
2170	118230647513	沃野	1113019	连云区	连云区乡镇机关一级科员（三）	74.10	72.50	146.60	8	
2171	118230647919	利民	1113019	连云区	连云区乡镇机关一级科员（三）	75.70	70.50	146.20	9	
2172	118230648305	蔚然	1113020	连云区	连云区乡镇机关一级科员（四）	80.80	73.00	153.80	1	
2173	118230648711	越王	1113020	连云区	连云区乡镇机关一级科员（四）	78.50	73.50	152.00	2	
2174	118230649117	夔州	1113020	连云区	连云区乡镇机关一级科员（四）	77.10	73.00	150.10	3	
2175	118230649523	隆中	1113020	连云区	连云区乡镇机关一级科员（四）	79.30	70.00	149.30	4	
2176	118230649909	师旷	1113020	连云区	连云区乡镇机关一级科员（四）	75.70	72.50	148.20	5	
2177	118230650315	巩县	1113020	连云区	连云区乡镇机关一级科员（四）	74.40	73.00	147.40	6	
2178	118230650721	厍狄	1113020	连云区	连云区乡镇机关一级科员（四）	76.70	70.00	146.70	7	
2179	118230651107	聂耳	1113020	连云区	连云区乡镇机关一级科员（四）	73.60	72.50	146.10	8	
2180	118230651513	晁错	1113020	连云区	连云区乡镇机关一级科员（四）	75.20	70.50	145.70	9	
2181	118230651919	勾践	1113021	连云区	连云区港口管理一级科员	81.60	72.50	154.10	1	
2182	118230652305	敖包	1113021	连云区	连云区港口管理一级科员	79.10	73.00	152.10	2	
2183	118230652711	融合	1113021	连云区	连云区港口管理一级科员	77.60	73.50	151.10	3	
2184	118230653117	冷月	1113021	连云区	连云区港口管理一级科员	79.80	70.00	149.80	4	
2185	118230653523	訾议	1113021	连云区	连云区港口管理一级科员	76.40	72.50	148.90	5	
2186	118230653909	辛弃	1113021	连云区	连云区港口管理一级科员	75.00	73.00	148.00	6	
2187	118230654315	阚泽	1113022	连云区	连云区海洋发展局一级科员	80.60	73.00	153.60	1	
2188	118230654721	那拉	1113022	连云区	连云区海洋发展局一级科员	78.30	73.50	151.80	2	
2189	118230655107	简单	1113022	连云区	连云区海洋发展局一级科员	76.90	73.00	149.90	3	
2190	118230655513	饶舌	1113022	连云区	连云区海洋发展局一级科员	79.10	70.00	149.10	4	
2191	118230655919	空山	1113022	连云区	连云区海洋发展局一级科员	75.50	72.50	148.00	5	
2192	118230656305	曾子	1113022	连云区	连云区海洋发展局一级科员	74.20	73.00	147.20	6	
2193	118230656711	毋忘	1113023	连云区	连云区统计局一级科员	81.20	72.50	153.70	1	
2194	118230657117	沙河	1113023	连云区	连云区统计局一级科员	78.80	73.00	151.80	2	
2195	118230657523	乜斜	1113023	连云区	连云区统计局一级科员	77.40	73.50	150.90	3	
2196	118230657909	养正	1113023	连云区	连云区统计局一级科员	79.50	70.00	149.50	4	
2197	118230658315	鞠躬	1113023	连云区	连云区统计局一级科员	76.10	72.50	148.60	5	
2198	118230658721	须弥	1113023	连云区	连云区统计局一级科员	74.80	73.00	147.80	6	
2199	118230659107	丰收	1113024	连云区	连云区退役军人事务局一级科员	80.70	73.00	153.70	1	
2200	118230659513	巢湖	1113024	连云区	连云区退役军人事务局一级科员	78.40	73.50	151.90	2	
2201	118230659919	关羽	1113024	连云区	连云区退役军人事务局一级科员	77.00	73.00	150.00	3	
2202	118230660305	蒯通	1113024	连云区	连云区退役军人事务局一级科员	79.20	70.00	149.20	4	
2203	118230660711	相如	1113024	连云区	连云区退役军人事务局一级科员	75.60	72.50	148.10	5	
2204	118230661117	查良	1113024	连云区	连云区退役军人事务局一级科员	74.30	73.00	147.30	6	
2205	118230661523	后羿	1113025	连云区	连云区档案馆一级科员	81.40	72.50	153.90	1	
2206	118230661909	荆轲	1113025	连云区	连云区档案馆一级科员	79.00	73.00	152.00	2	
2207	118230662315	红叶	1113025	连云区	连云区档案馆一级科员	77.50	73.50	151.00	3	
2208	118230662721	游子	1113025	连云区	连云区档案馆一级科员	79.70	70.00	149.70	4	
2209	118230663107	竺可	1113025	连云区	连云区档案馆一级科员	76.30	72.50	148.80	5	
2210	118230663513	权衡	1113025	连云区	连云区档案馆一级科员	75.00	73.00	148.00	6	
2211	118230663919	逯钦	1113026	连云区	连云区机关事务管理局一级科员	80.90	73.00	153.90	1	
2212	118230664305	盖聂	1113026	连云区	连云区机关事务管理局一级科员	78.60	73.50	152.10	2	
2213	118230664711	益州	1113026	连云区	连云区机关事务管理局一级科员	77.20	73.00	150.20	3	
2214	118230665117	桓温	1113026	连云区	连云区机关事务管理局一级科员	79.30	70.00	149.30	4	
2215	118230665523	公孙	1113026	连云区	连云区机关事务管理局一级科员	75.80	72.50	148.30	5	
2216	118230665909	万俟	1113026	连云区	连云区机关事务管理局一级科员	74.40	73.00	147.40	6	
